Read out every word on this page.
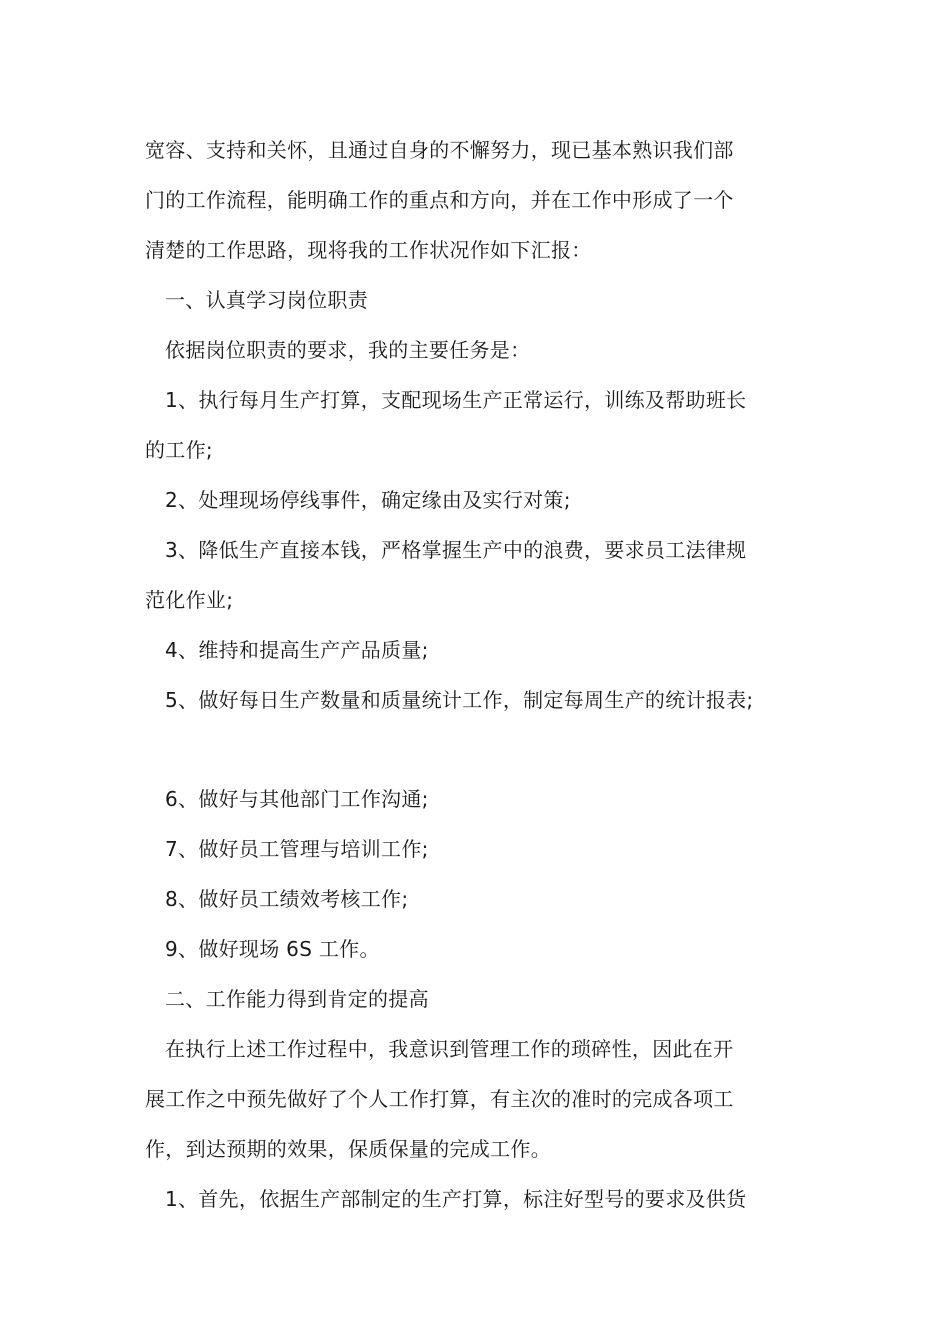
宽容、支持和关怀，且通过自身的不懈努力，现已基本熟识我们部
门的工作流程，能明确工作的重点和方向，并在工作中形成了一个
清楚的工作思路，现将我的工作状况作如下汇报：
一、认真学习岗位职责
依据岗位职责的要求，我的主要任务是：
1、执行每月生产打算，支配现场生产正常运行，训练及帮助班长
的工作;
2、处理现场停线事件，确定缘由及实行对策;
3、降低生产直接本钱，严格掌握生产中的浪费，要求员工法律规
范化作业;
4、维持和提高生产产品质量;
5、做好每日生产数量和质量统计工作，制定每周生产的统计报表;
6、做好与其他部门工作沟通;
7、做好员工管理与培训工作;
8、做好员工绩效考核工作;
9、做好现场 6S 工作。
二、工作能力得到肯定的提高
在执行上述工作过程中，我意识到管理工作的琐碎性，因此在开
展工作之中预先做好了个人工作打算，有主次的准时的完成各项工
作，到达预期的效果，保质保量的完成工作。
1、首先，依据生产部制定的生产打算，标注好型号的要求及供货
